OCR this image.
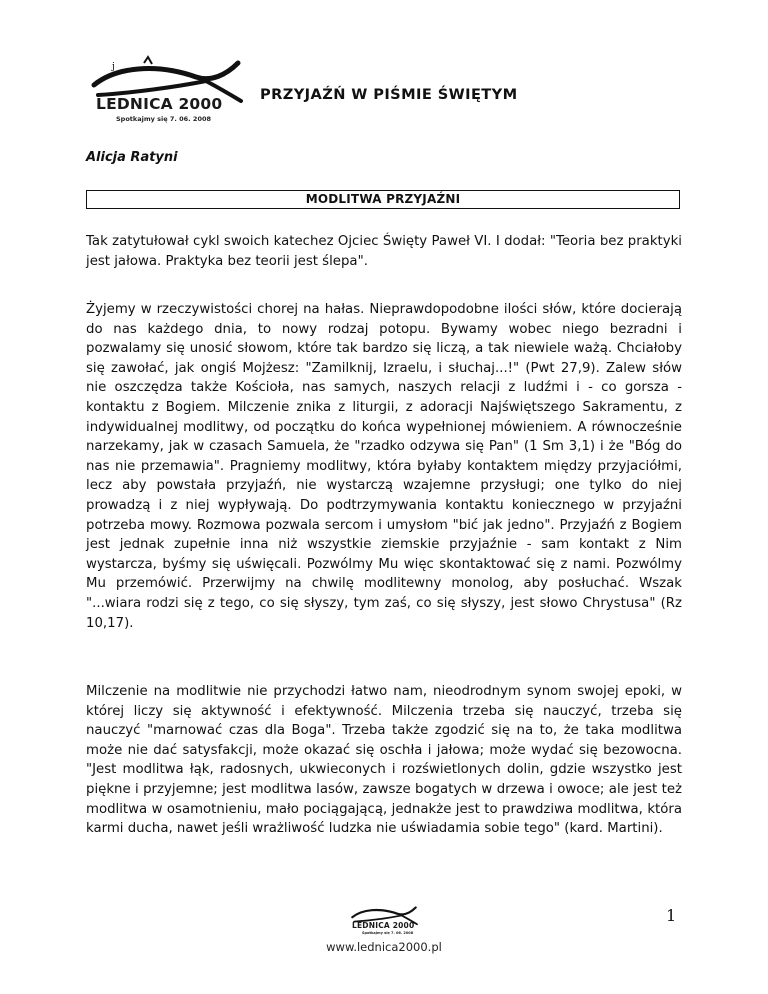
j
LEDNICA 2000
Spotkajmy się 7. 06. 2008
PRZYJAŹŃ W PIŚMIE ŚWIĘTYM
Alicja Ratyni
MODLITWA PRZYJAŹNI

Tak zatytułował cykl swoich katechez Ojciec Święty Paweł VI. I dodał: "Teoria bez praktyki jest jałowa. Praktyka bez teorii jest ślepa".

Żyjemy w rzeczywistości chorej na hałas. Nieprawdopodobne ilości słów, które docierają do nas każdego dnia, to nowy rodzaj potopu. Bywamy wobec niego bezradni i pozwalamy się unosić słowom, które tak bardzo się liczą, a tak niewiele ważą. Chciałoby się zawołać, jak ongiś Mojżesz: "Zamilknij, Izraelu, i słuchaj...!" (Pwt 27,9). Zalew słów nie oszczędza także Kościoła, nas samych, naszych relacji z ludźmi i - co gorsza - kontaktu z Bogiem. Milczenie znika z liturgii, z adoracji Najświętszego Sakramentu, z indywidualnej modlitwy, od początku do końca wypełnionej mówieniem. A równocześnie narzekamy, jak w czasach Samuela, że "rzadko odzywa się Pan" (1 Sm 3,1) i że "Bóg do nas nie przemawia". Pragniemy modlitwy, która byłaby kontaktem między przyjaciółmi, lecz aby powstała przyjaźń, nie wystarczą wzajemne przysługi; one tylko do niej prowadzą i z niej wypływają. Do podtrzymywania kontaktu koniecznego w przyjaźni potrzeba mowy. Rozmowa pozwala sercom i umysłom "bić jak jedno". Przyjaźń z Bogiem jest jednak zupełnie inna niż wszystkie ziemskie przyjaźnie - sam kontakt z Nim wystarcza, byśmy się uświęcali. Pozwólmy Mu więc skontaktować się z nami. Pozwólmy Mu przemówić. Przerwijmy na chwilę modlitewny monolog, aby posłuchać. Wszak "...wiara rodzi się z tego, co się słyszy, tym zaś, co się słyszy, jest słowo Chrystusa" (Rz 10,17).

Milczenie na modlitwie nie przychodzi łatwo nam, nieodrodnym synom swojej epoki, w której liczy się aktywność i efektywność. Milczenia trzeba się nauczyć, trzeba się nauczyć "marnować czas dla Boga". Trzeba także zgodzić się na to, że taka modlitwa może nie dać satysfakcji, może okazać się oschła i jałowa; może wydać się bezowocna. "Jest modlitwa łąk, radosnych, ukwieconych i rozświetlonych dolin, gdzie wszystko jest piękne i przyjemne; jest modlitwa lasów, zawsze bogatych w drzewa i owoce; ale jest też modlitwa w osamotnieniu, mało pociągającą, jednakże jest to prawdziwa modlitwa, która karmi ducha, nawet jeśli wrażliwość ludzka nie uświadamia sobie tego" (kard. Martini).

LEDNICA 2000
Spotkajmy się 7. 06. 2008
1
www.lednica2000.pl
